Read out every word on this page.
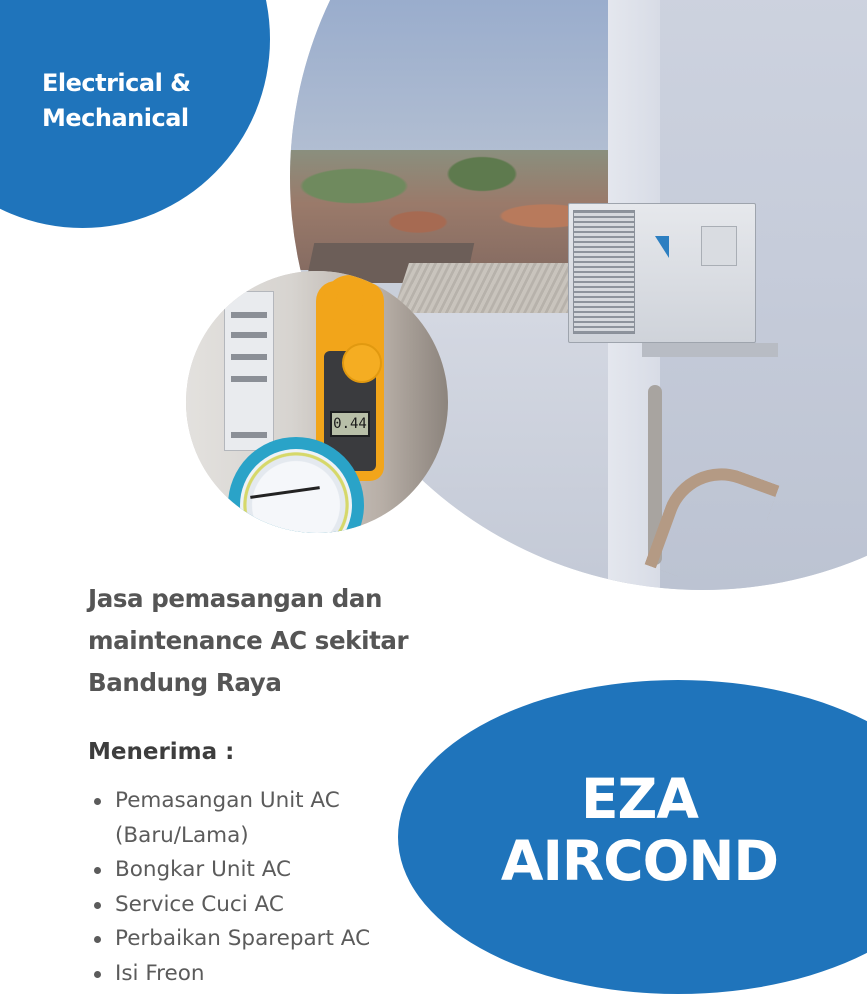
Electrical &
Mechanical
0.44
Jasa pemasangan dan
maintenance AC sekitar
Bandung Raya
Menerima :
Pemasangan Unit AC
(Baru/Lama)
Bongkar Unit AC
Service Cuci AC
Perbaikan Sparepart AC
Isi Freon
EZA
AIRCOND
